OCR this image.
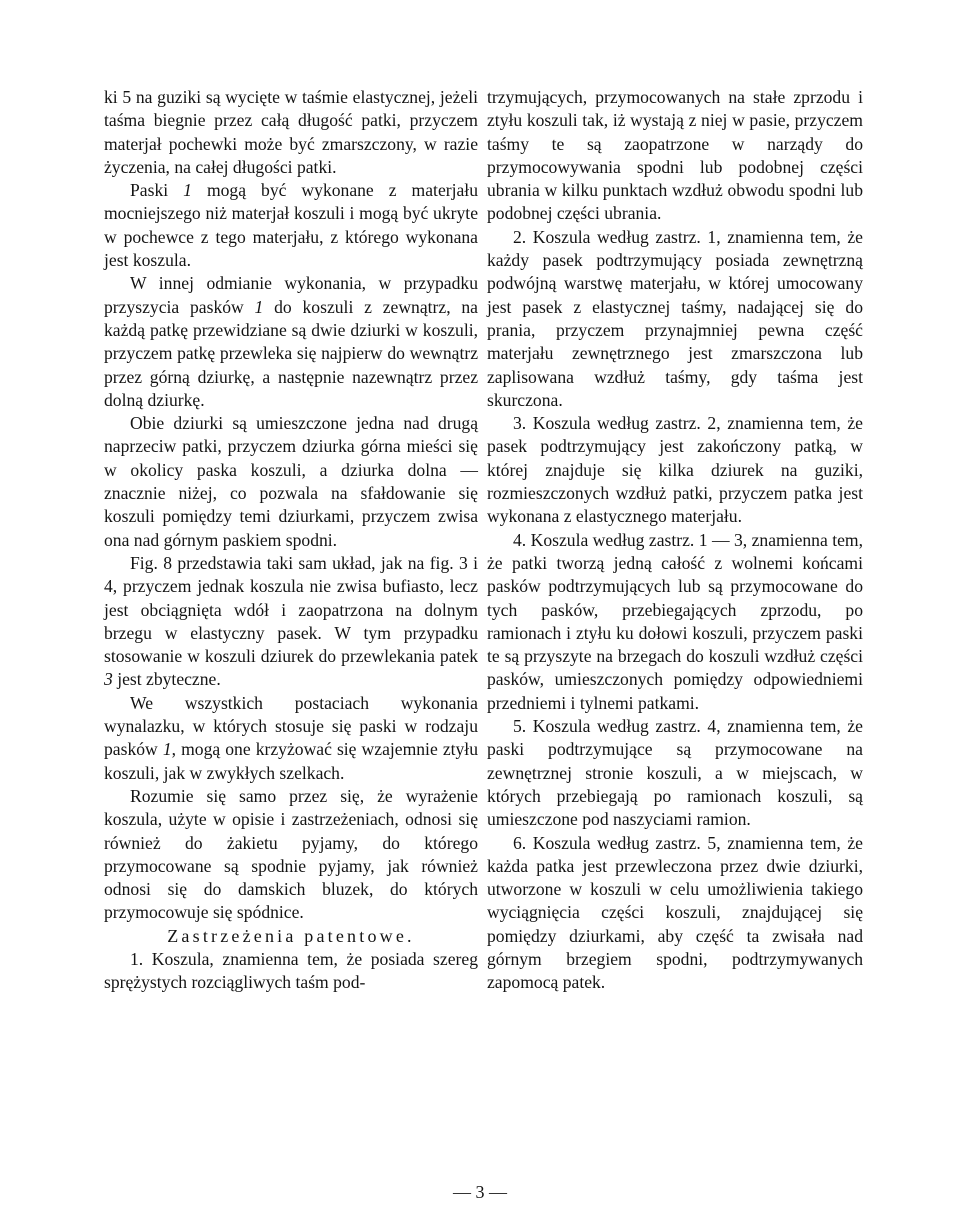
ki 5 na guziki są wycięte w taśmie elastycznej, jeżeli taśma biegnie przez całą długość patki, przyczem materjał pochewki może być zmarszczony, w razie życzenia, na całej długości patki.

Paski 1 mogą być wykonane z materjału mocniejszego niż materjał koszuli i mogą być ukryte w pochewce z tego materjału, z którego wykonana jest koszula.

W innej odmianie wykonania, w przypadku przyszycia pasków 1 do koszuli z zewnątrz, na każdą patkę przewidziane są dwie dziurki w koszuli, przyczem patkę przewleka się najpierw do wewnątrz przez górną dziurkę, a następnie nazewnątrz przez dolną dziurkę.

Obie dziurki są umieszczone jedna nad drugą naprzeciw patki, przyczem dziurka górna mieści się w okolicy paska koszuli, a dziurka dolna — znacznie niżej, co pozwala na sfałdowanie się koszuli pomiędzy temi dziurkami, przyczem zwisa ona nad górnym paskiem spodni.

Fig. 8 przedstawia taki sam układ, jak na fig. 3 i 4, przyczem jednak koszula nie zwisa bufiasto, lecz jest obciągnięta wdół i zaopatrzona na dolnym brzegu w elastyczny pasek. W tym przypadku stosowanie w koszuli dziurek do przewlekania patek 3 jest zbyteczne.

We wszystkich postaciach wykonania wynalazku, w których stosuje się paski w rodzaju pasków 1, mogą one krzyżować się wzajemnie ztyłu koszuli, jak w zwykłych szelkach.

Rozumie się samo przez się, że wyrażenie koszula, użyte w opisie i zastrzeżeniach, odnosi się również do żakietu pyjamy, do którego przymocowane są spodnie pyjamy, jak również odnosi się do damskich bluzek, do których przymocowuje się spódnice.

Zastrzeżenia patentowe.

1. Koszula, znamienna tem, że posiada szereg sprężystych rozciągliwych taśm pod-

trzymujących, przymocowanych na stałe zprzodu i ztyłu koszuli tak, iż wystają z niej w pasie, przyczem taśmy te są zaopatrzone w narządy do przymocowywania spodni lub podobnej części ubrania w kilku punktach wzdłuż obwodu spodni lub podobnej części ubrania.

2. Koszula według zastrz. 1, znamienna tem, że każdy pasek podtrzymujący posiada zewnętrzną podwójną warstwę materjału, w której umocowany jest pasek z elastycznej taśmy, nadającej się do prania, przyczem przynajmniej pewna część materjału zewnętrznego jest zmarszczona lub zaplisowana wzdłuż taśmy, gdy taśma jest skurczona.

3. Koszula według zastrz. 2, znamienna tem, że pasek podtrzymujący jest zakończony patką, w której znajduje się kilka dziurek na guziki, rozmieszczonych wzdłuż patki, przyczem patka jest wykonana z elastycznego materjału.

4. Koszula według zastrz. 1 — 3, znamienna tem, że patki tworzą jedną całość z wolnemi końcami pasków podtrzymujących lub są przymocowane do tych pasków, przebiegających zprzodu, po ramionach i ztyłu ku dołowi koszuli, przyczem paski te są przyszyte na brzegach do koszuli wzdłuż części pasków, umieszczonych pomiędzy odpowiedniemi przedniemi i tylnemi patkami.

5. Koszula według zastrz. 4, znamienna tem, że paski podtrzymujące są przymocowane na zewnętrznej stronie koszuli, a w miejscach, w których przebiegają po ramionach koszuli, są umieszczone pod naszyciami ramion.

6. Koszula według zastrz. 5, znamienna tem, że każda patka jest przewleczona przez dwie dziurki, utworzone w koszuli w celu umożliwienia takiego wyciągnięcia części koszuli, znajdującej się pomiędzy dziurkami, aby część ta zwisała nad górnym brzegiem spodni, podtrzymywanych zapomocą patek.

— 3 —
